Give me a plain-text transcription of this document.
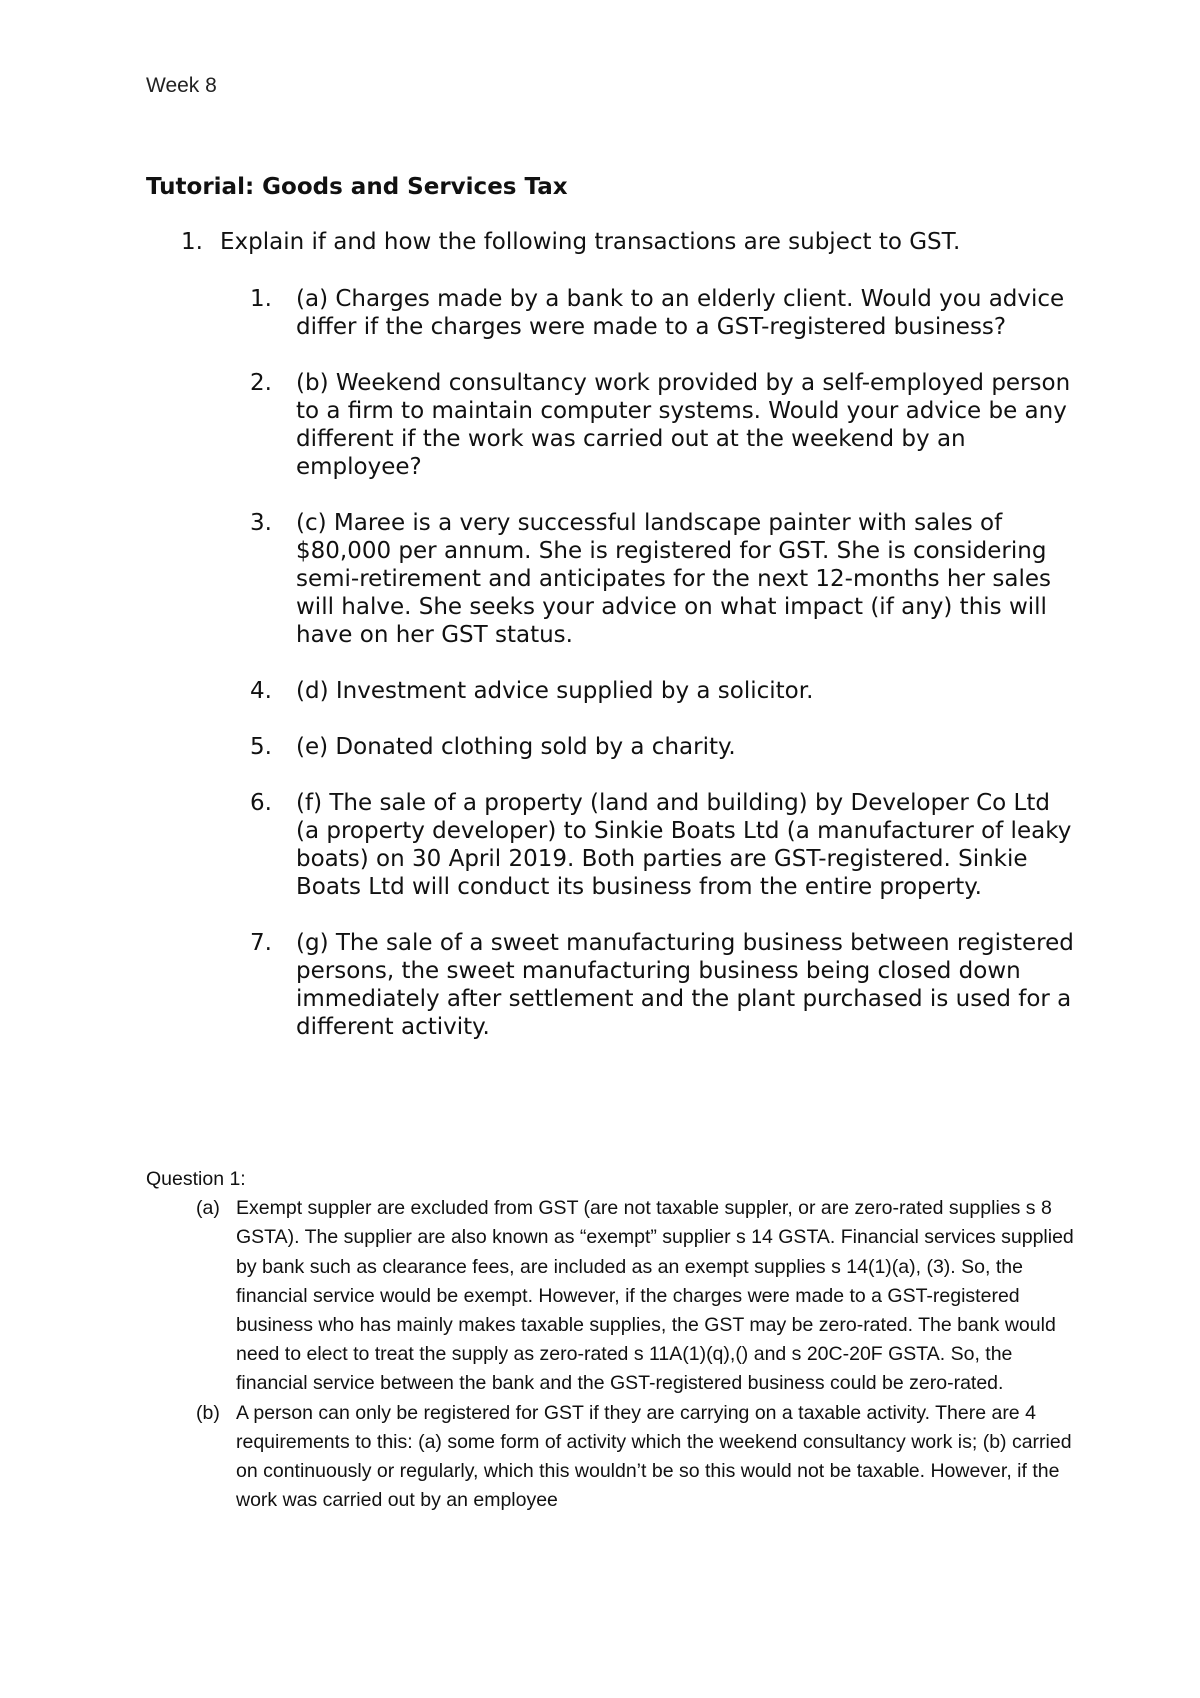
Week 8
Tutorial: Goods and Services Tax
1. Explain if and how the following transactions are subject to GST.
1. (a) Charges made by a bank to an elderly client. Would you advice differ if the charges were made to a GST-registered business?
2. (b) Weekend consultancy work provided by a self-employed person to a firm to maintain computer systems. Would your advice be any different if the work was carried out at the weekend by an employee?
3. (c) Maree is a very successful landscape painter with sales of $80,000 per annum. She is registered for GST. She is considering semi-retirement and anticipates for the next 12-months her sales will halve. She seeks your advice on what impact (if any) this will have on her GST status.
4. (d) Investment advice supplied by a solicitor.
5. (e) Donated clothing sold by a charity.
6. (f) The sale of a property (land and building) by Developer Co Ltd (a property developer) to Sinkie Boats Ltd (a manufacturer of leaky boats) on 30 April 2019. Both parties are GST-registered. Sinkie Boats Ltd will conduct its business from the entire property.
7. (g) The sale of a sweet manufacturing business between registered persons, the sweet manufacturing business being closed down immediately after settlement and the plant purchased is used for a different activity.
Question 1:
(a) Exempt suppler are excluded from GST (are not taxable suppler, or are zero-rated supplies s 8 GSTA). The supplier are also known as “exempt” supplier s 14 GSTA. Financial services supplied by bank such as clearance fees, are included as an exempt supplies s 14(1)(a), (3). So, the financial service would be exempt. However, if the charges were made to a GST-registered business who has mainly makes taxable supplies, the GST may be zero-rated. The bank would need to elect to treat the supply as zero-rated s 11A(1)(q),() and s 20C-20F GSTA. So, the financial service between the bank and the GST-registered business could be zero-rated.
(b) A person can only be registered for GST if they are carrying on a taxable activity. There are 4 requirements to this: (a) some form of activity which the weekend consultancy work is; (b) carried on continuously or regularly, which this wouldn’t be so this would not be taxable. However, if the work was carried out by an employee
